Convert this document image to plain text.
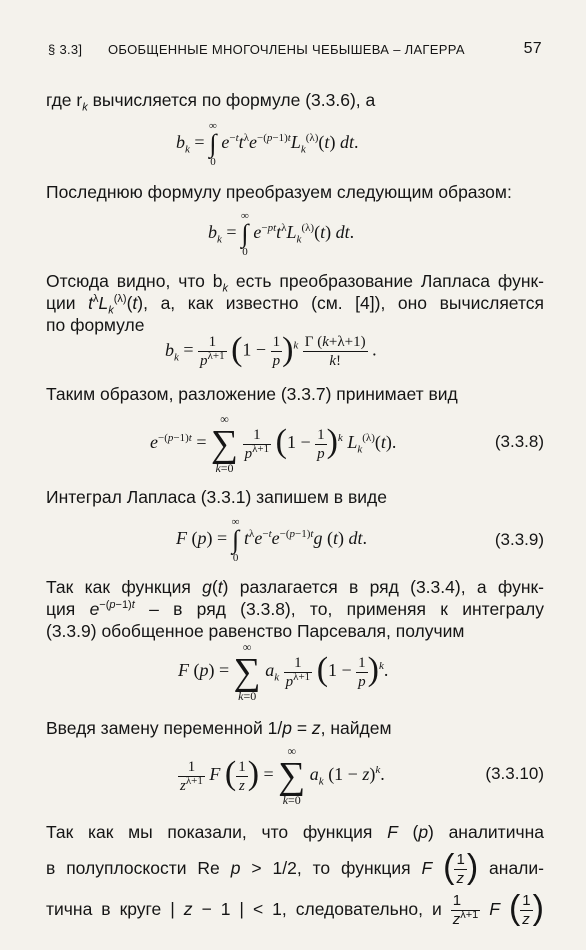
§ 3.3] ОБОБЩЕННЫЕ МНОГОЧЛЕНЫ ЧЕБЫШЕВА – ЛАГЕРРА	57
где $r_k$ вычисляется по формуле (3.3.6), а
$b_k$ = ∞
∫
0 $e^{-t}t^\lambda e^{-(p-1)t}L_k^{(\lambda)}(t)$ dt.
Последнюю формулу преобразуем следующим образом:
$b_k$ = ∞
∫
0 $e^{-pt}t^\lambda L_k^{(\lambda)}(t)$ dt.
Отсюда видно, что $b_k$ есть преобразование Лапласа функ-
ции $t^\lambda L_k^{(\lambda)}(t)$, а, как известно (см. [4]), оно вычисляется
по формуле
$b_k = \frac{1}{p^{\lambda+1}} (1 - \frac{1}{p} )^k \frac{\Gamma (k+\lambda+1)}{k!}$ .
Таким образом, разложение (3.3.7) принимает вид
$e^{-(p-1)t}$ = ∞
∑
k=0
$\frac{1}{p^{\lambda+1}} (1 - \frac{1}{p} )^k$ $L_k^{(\lambda)}(t)$.	(3.3.8)
Интеграл Лапласа (3.3.1) запишем в виде
F (p) = ∞
∫
0 $t^\lambda e^{-t}e^{-(p-1)t}g$ (t) dt.	(3.3.9)
Так как функция g(t) разлагается в ряд (3.3.4), а функ-
ция $e^{-(p-1)t}$ – в ряд (3.3.8), то, применяя к интегралу
(3.3.9) обобщенное равенство Парсеваля, получим
F (p) = ∞
∑
k=0 $a_k \frac{1}{p^{\lambda+1}} (1 - \frac{1}{p} )^k$.
Введя замену переменной 1/p = z, найдем
$\frac{1}{z^{\lambda+1}}$ F ( $\frac{1}{z}$ ) = ∞
∑
k=0 $a_k$ $(1 - z)^k$.	(3.3.10)
Так как мы показали, что функция F (p) аналитична
в полуплоскости Re p > 1/2, то функция F ( $\frac{1}{z}$ ) анали-
тична в круге | z − 1 | < 1, следовательно, и $\frac{1}{z^{\lambda+1}}$ F ( $\frac{1}{z}$ )
